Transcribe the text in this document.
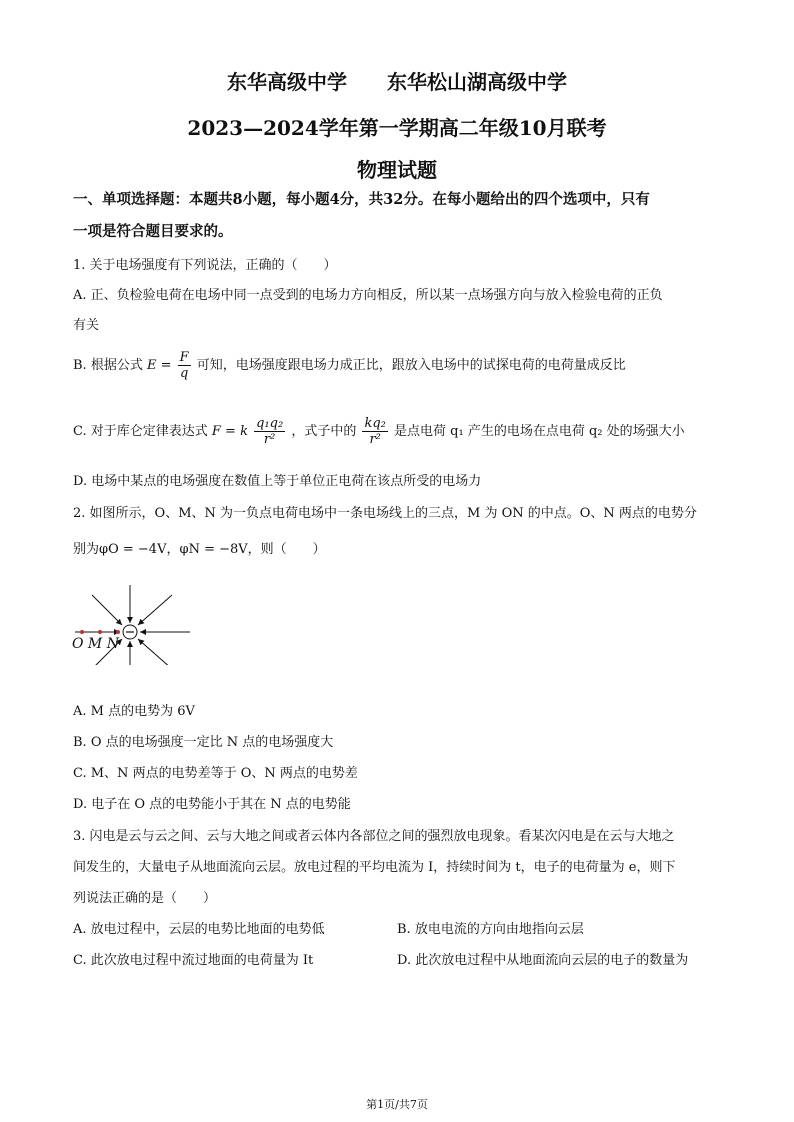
东华高级中学　　东华松山湖高级中学
2023—2024学年第一学期高二年级10月联考
物理试题
一、单项选择题：本题共8小题，每小题4分，共32分。在每小题给出的四个选项中，只有
一项是符合题目要求的。
1. 关于电场强度有下列说法，正确的（　　）
A. 正、负检验电荷在电场中同一点受到的电场力方向相反，所以某一点场强方向与放入检验电荷的正负
有关
B. 根据公式 $E = \frac{F}{q}$ 可知，电场强度跟电场力成正比，跟放入电场中的试探电荷的电荷量成反比
C. 对于库仑定律表达式 F = k $\frac{\text{q₁q₂}}{\text{r²}}$ ，式子中的 $\frac{\text{kq₂}}{\text{r²}}$ 是点电荷 q₁ 产生的电场在点电荷 q₂ 处的场强大小
D. 电场中某点的电场强度在数值上等于单位正电荷在该点所受的电场力
2. 如图所示，O、M、N 为一负点电荷电场中一条电场线上的三点，M 为 ON 的中点。O、N 两点的电势分
别为φO = −4V，φN = −8V，则（　　）
O M N
A. M 点的电势为 6V
B. O 点的电场强度一定比 N 点的电场强度大
C. M、N 两点的电势差等于 O、N 两点的电势差
D. 电子在 O 点的电势能小于其在 N 点的电势能
3. 闪电是云与云之间、云与大地之间或者云体内各部位之间的强烈放电现象。看某次闪电是在云与大地之
间发生的，大量电子从地面流向云层。放电过程的平均电流为 I，持续时间为 t，电子的电荷量为 e，则下
列说法正确的是（　　）
A. 放电过程中，云层的电势比地面的电势低	B. 放电电流的方向由地指向云层
C. 此次放电过程中流过地面的电荷量为 It	D. 此次放电过程中从地面流向云层的电子的数量为
第1页/共7页
